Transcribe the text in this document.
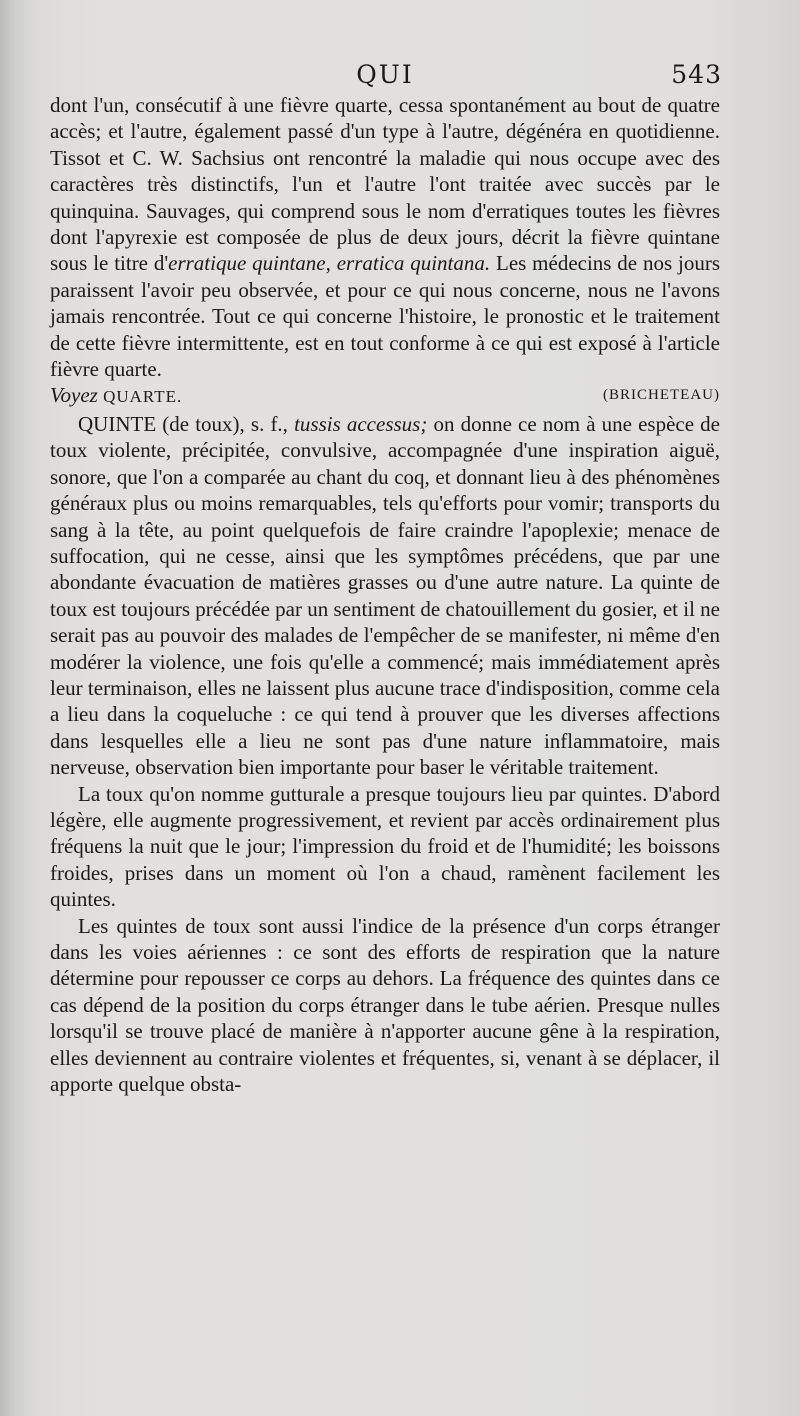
QUI	543

dont l'un, consécutif à une fièvre quarte, cessa spontanément au bout de quatre accès; et l'autre, également passé d'un type à l'autre, dégénéra en quotidienne. Tissot et C. W. Sachsius ont rencontré la maladie qui nous occupe avec des caractères très distinctifs, l'un et l'autre l'ont traitée avec succès par le quinquina. Sauvages, qui comprend sous le nom d'erratiques toutes les fièvres dont l'apyrexie est composée de plus de deux jours, décrit la fièvre quintane sous le titre d'erratique quintane, erratica quintana. Les médecins de nos jours paraissent l'avoir peu observée, et pour ce qui nous concerne, nous ne l'avons jamais rencontrée. Tout ce qui concerne l'histoire, le pronostic et le traitement de cette fièvre intermittente, est en tout conforme à ce qui est exposé à l'article fièvre quarte.

Voyez QUARTE.	(BRICHETEAU)

QUINTE (de toux), s. f., tussis accessus; on donne ce nom à une espèce de toux violente, précipitée, convulsive, accompagnée d'une inspiration aiguë, sonore, que l'on a comparée au chant du coq, et donnant lieu à des phénomènes généraux plus ou moins remarquables, tels qu'efforts pour vomir; transports du sang à la tête, au point quelquefois de faire craindre l'apoplexie; menace de suffocation, qui ne cesse, ainsi que les symptômes précédens, que par une abondante évacuation de matières grasses ou d'une autre nature. La quinte de toux est toujours précédée par un sentiment de chatouillement du gosier, et il ne serait pas au pouvoir des malades de l'empêcher de se manifester, ni même d'en modérer la violence, une fois qu'elle a commencé; mais immédiatement après leur terminaison, elles ne laissent plus aucune trace d'indisposition, comme cela a lieu dans la coqueluche : ce qui tend à prouver que les diverses affections dans lesquelles elle a lieu ne sont pas d'une nature inflammatoire, mais nerveuse, observation bien importante pour baser le véritable traitement.

La toux qu'on nomme gutturale a presque toujours lieu par quintes. D'abord légère, elle augmente progressivement, et revient par accès ordinairement plus fréquens la nuit que le jour; l'impression du froid et de l'humidité; les boissons froides, prises dans un moment où l'on a chaud, ramènent facilement les quintes.

Les quintes de toux sont aussi l'indice de la présence d'un corps étranger dans les voies aériennes : ce sont des efforts de respiration que la nature détermine pour repousser ce corps au dehors. La fréquence des quintes dans ce cas dépend de la position du corps étranger dans le tube aérien. Presque nulles lorsqu'il se trouve placé de manière à n'apporter aucune gêne à la respiration, elles deviennent au contraire violentes et fréquentes, si, venant à se déplacer, il apporte quelque obsta-
